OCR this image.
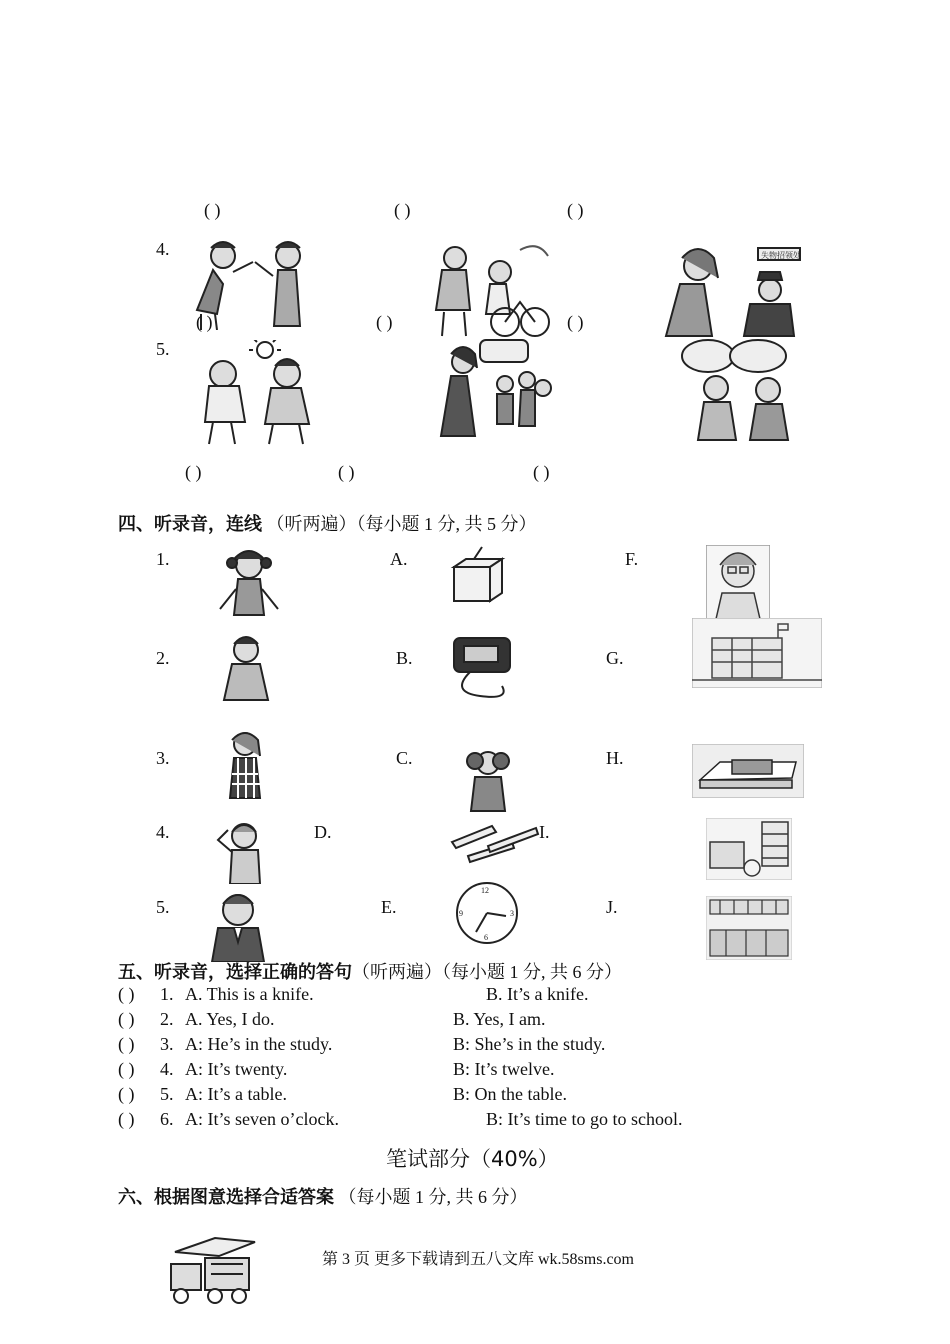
( )	( )	( )
4.
( )	( )
失物招领处
( )
5.
( )	( )	( )
四、听录音，连线 （听两遍）（每小题 1 分, 共 5 分）
1.
2.
3.
4.
5.
A.
B.
C.
D.
E.
F.
G.
H.
I.
J.
12
3
6
9
五、听录音，选择正确的答句（听两遍）（每小题 1 分, 共 6 分）
( ) 1. A. This is a knife.	B. It’s a knife.
( ) 2. A. Yes, I do.	B. Yes, I am.
( ) 3. A: He’s in the study.	B: She’s in the study.
( ) 4. A: It’s twenty.	B: It’s twelve.
( ) 5. A: It’s a table.	B: On the table.
( ) 6. A: It’s seven o’clock.	B: It’s time to go to school.
笔试部分（40%）
六、根据图意选择合适答案 （每小题 1 分, 共 6 分）
第 3 页 更多下载请到五八文库 wk.58sms.com
